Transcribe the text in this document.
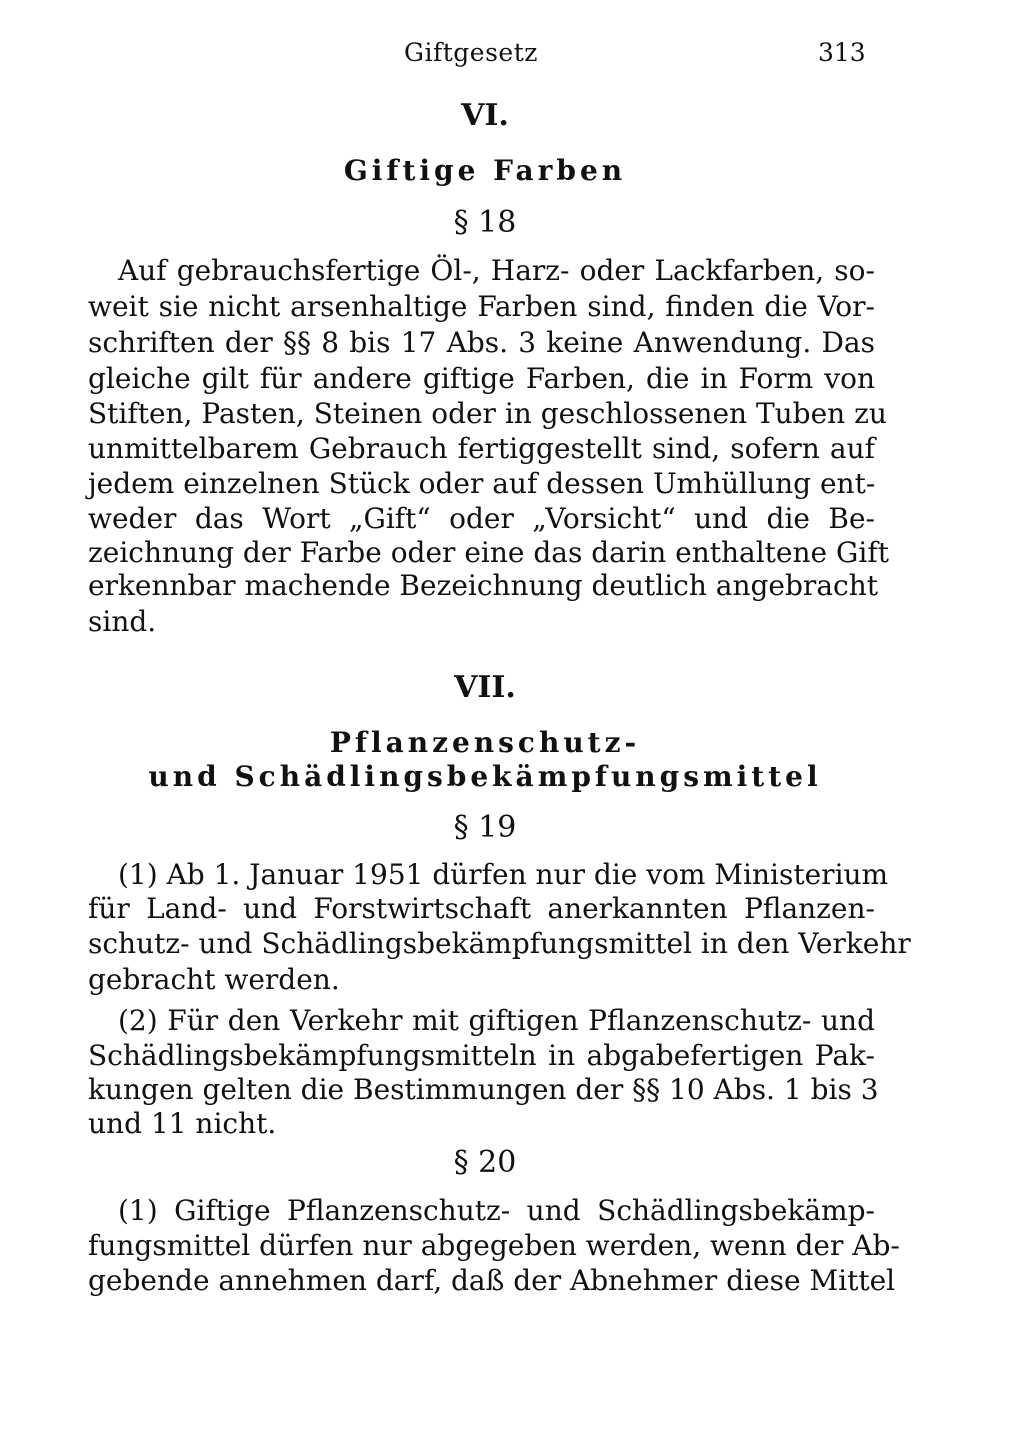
Giftgesetz	313
VI.
Giftige Farben
§ 18
Auf gebrauchsfertige Öl-, Harz- oder Lackfarben, so-
weit sie nicht arsenhaltige Farben sind, finden die Vor-
schriften der §§ 8 bis 17 Abs. 3 keine Anwendung. Das
gleiche gilt für andere giftige Farben, die in Form von
Stiften, Pasten, Steinen oder in geschlossenen Tuben zu
unmittelbarem Gebrauch fertiggestellt sind, sofern auf
jedem einzelnen Stück oder auf dessen Umhüllung ent-
weder das Wort „Gift“ oder „Vorsicht“ und die Be-
zeichnung der Farbe oder eine das darin enthaltene Gift
erkennbar machende Bezeichnung deutlich angebracht
sind.
VII.
Pflanzenschutz-
und Schädlingsbekämpfungsmittel
§ 19
(1) Ab 1. Januar 1951 dürfen nur die vom Ministerium
für Land- und Forstwirtschaft anerkannten Pflanzen-
schutz- und Schädlingsbekämpfungsmittel in den Verkehr
gebracht werden.
(2) Für den Verkehr mit giftigen Pflanzenschutz- und
Schädlingsbekämpfungsmitteln in abgabefertigen Pak-
kungen gelten die Bestimmungen der §§ 10 Abs. 1 bis 3
und 11 nicht.
§ 20
(1) Giftige Pflanzenschutz- und Schädlingsbekämp-
fungsmittel dürfen nur abgegeben werden, wenn der Ab-
gebende annehmen darf, daß der Abnehmer diese Mittel
